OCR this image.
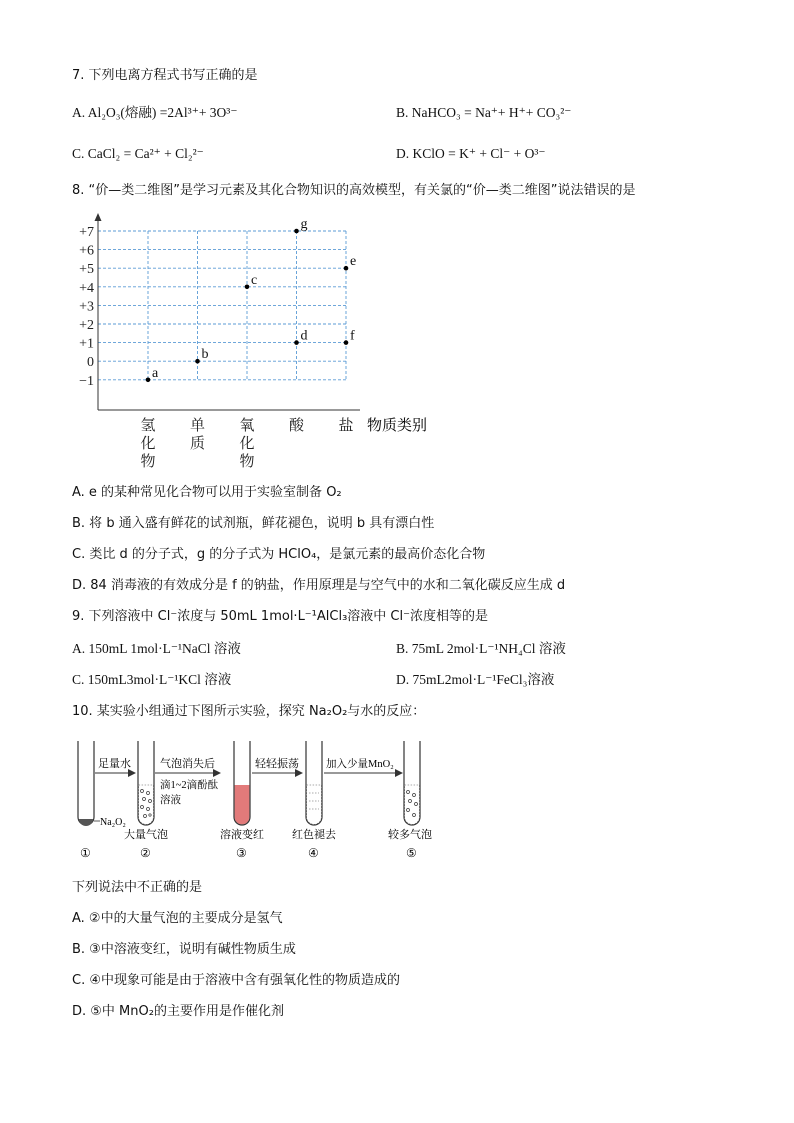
7. 下列电离方程式书写正确的是
A. Al₂O₃(熔融) =2Al³⁺+ 3O³⁻	B. NaHCO₃ = Na⁺+ H⁺+ CO₃²⁻
C. CaCl₂ = Ca²⁺ + Cl₂²⁻	D. KClO = K⁺ + Cl⁻ + O³⁻
8. “价—类二维图”是学习元素及其化合物知识的高效模型，有关氯的“价—类二维图”说法错误的是
+7
+6
+5
+4
+3
+2
+1
0
−1
氢
化
物
单
质
氧
化
物
酸 盐
a
b
c
d
g
e
f
物质类别
A. e 的某种常见化合物可以用于实验室制备 O₂
B. 将 b 通入盛有鲜花的试剂瓶，鲜花褪色，说明 b 具有漂白性
C. 类比 d 的分子式，g 的分子式为 HClO₄，是氯元素的最高价态化合物
D. 84 消毒液的有效成分是 f 的钠盐，作用原理是与空气中的水和二氧化碳反应生成 d
9. 下列溶液中 Cl⁻浓度与 50mL 1mol·L⁻¹AlCl₃溶液中 Cl⁻浓度相等的是
A. 150mL 1mol·L⁻¹NaCl 溶液	B. 75mL 2mol·L⁻¹NH₄Cl 溶液
C. 150mL3mol·L⁻¹KCl 溶液	D. 75mL2mol·L⁻¹FeCl₃溶液
10. 某实验小组通过下图所示实验，探究 Na₂O₂与水的反应：
Na₂O₂
足量水	气泡消失后
滴1~2滴酚酞
溶液
轻轻振荡	加入少量MnO₂
大量气泡	溶液变红	红色褪去	较多气泡
①	②	③	④	⑤
下列说法中不正确的是
A. ②中的大量气泡的主要成分是氢气
B. ③中溶液变红，说明有碱性物质生成
C. ④中现象可能是由于溶液中含有强氧化性的物质造成的
D. ⑤中 MnO₂的主要作用是作催化剂
